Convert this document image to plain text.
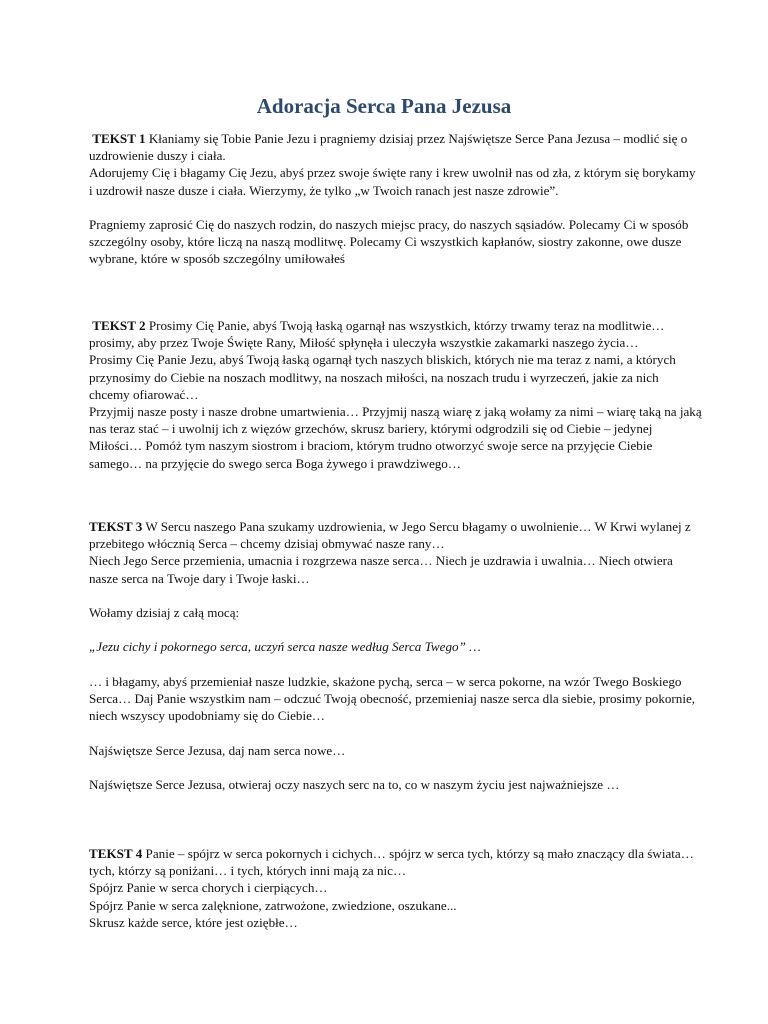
Adoracja Serca Pana Jezusa
TEKST 1 Kłaniamy się Tobie Panie Jezu i pragniemy dzisiaj przez Najświętsze Serce Pana Jezusa – modlić się o
uzdrowienie duszy i ciała.
Adorujemy Cię i błagamy Cię Jezu, abyś przez swoje święte rany i krew uwolnił nas od zła, z którym się borykamy
i uzdrowił nasze dusze i ciała. Wierzymy, że tylko „w Twoich ranach jest nasze zdrowie”.

Pragniemy zaprosić Cię do naszych rodzin, do naszych miejsc pracy, do naszych sąsiadów. Polecamy Ci w sposób
szczególny osoby, które liczą na naszą modlitwę. Polecamy Ci wszystkich kapłanów, siostry zakonne, owe dusze
wybrane, które w sposób szczególny umiłowałeś
TEKST 2 Prosimy Cię Panie, abyś Twoją łaską ogarnął nas wszystkich, którzy trwamy teraz na modlitwie…
prosimy, aby przez Twoje Święte Rany, Miłość spłynęła i uleczyła wszystkie zakamarki naszego życia…
Prosimy Cię Panie Jezu, abyś Twoją łaską ogarnął tych naszych bliskich, których nie ma teraz z nami, a których
przynosimy do Ciebie na noszach modlitwy, na noszach miłości, na noszach trudu i wyrzeczeń, jakie za nich
chcemy ofiarować…
Przyjmij nasze posty i nasze drobne umartwienia… Przyjmij naszą wiarę z jaką wołamy za nimi – wiarę taką na jaką
nas teraz stać – i uwolnij ich z więzów grzechów, skrusz bariery, którymi odgrodzili się od Ciebie – jedynej
Miłości… Pomóż tym naszym siostrom i braciom, którym trudno otworzyć swoje serce na przyjęcie Ciebie
samego… na przyjęcie do swego serca Boga żywego i prawdziwego…
TEKST 3 W Sercu naszego Pana szukamy uzdrowienia, w Jego Sercu błagamy o uwolnienie… W Krwi wylanej z
przebitego włócznią Serca – chcemy dzisiaj obmywać nasze rany…
Niech Jego Serce przemienia, umacnia i rozgrzewa nasze serca… Niech je uzdrawia i uwalnia… Niech otwiera
nasze serca na Twoje dary i Twoje łaski…

Wołamy dzisiaj z całą mocą:

„Jezu cichy i pokornego serca, uczyń serca nasze według Serca Twego” …

… i błagamy, abyś przemieniał nasze ludzkie, skażone pychą, serca – w serca pokorne, na wzór Twego Boskiego
Serca… Daj Panie wszystkim nam – odczuć Twoją obecność, przemieniaj nasze serca dla siebie, prosimy pokornie,
niech wszyscy upodobniamy się do Ciebie…

Najświętsze Serce Jezusa, daj nam serca nowe…

Najświętsze Serce Jezusa, otwieraj oczy naszych serc na to, co w naszym życiu jest najważniejsze …
TEKST 4 Panie – spójrz w serca pokornych i cichych… spójrz w serca tych, którzy są mało znaczący dla świata…
tych, którzy są poniżani… i tych, których inni mają za nic…
Spójrz Panie w serca chorych i cierpiących…
Spójrz Panie w serca zalęknione, zatrwożone, zwiedzione, oszukane...
Skrusz każde serce, które jest oziębłe…
